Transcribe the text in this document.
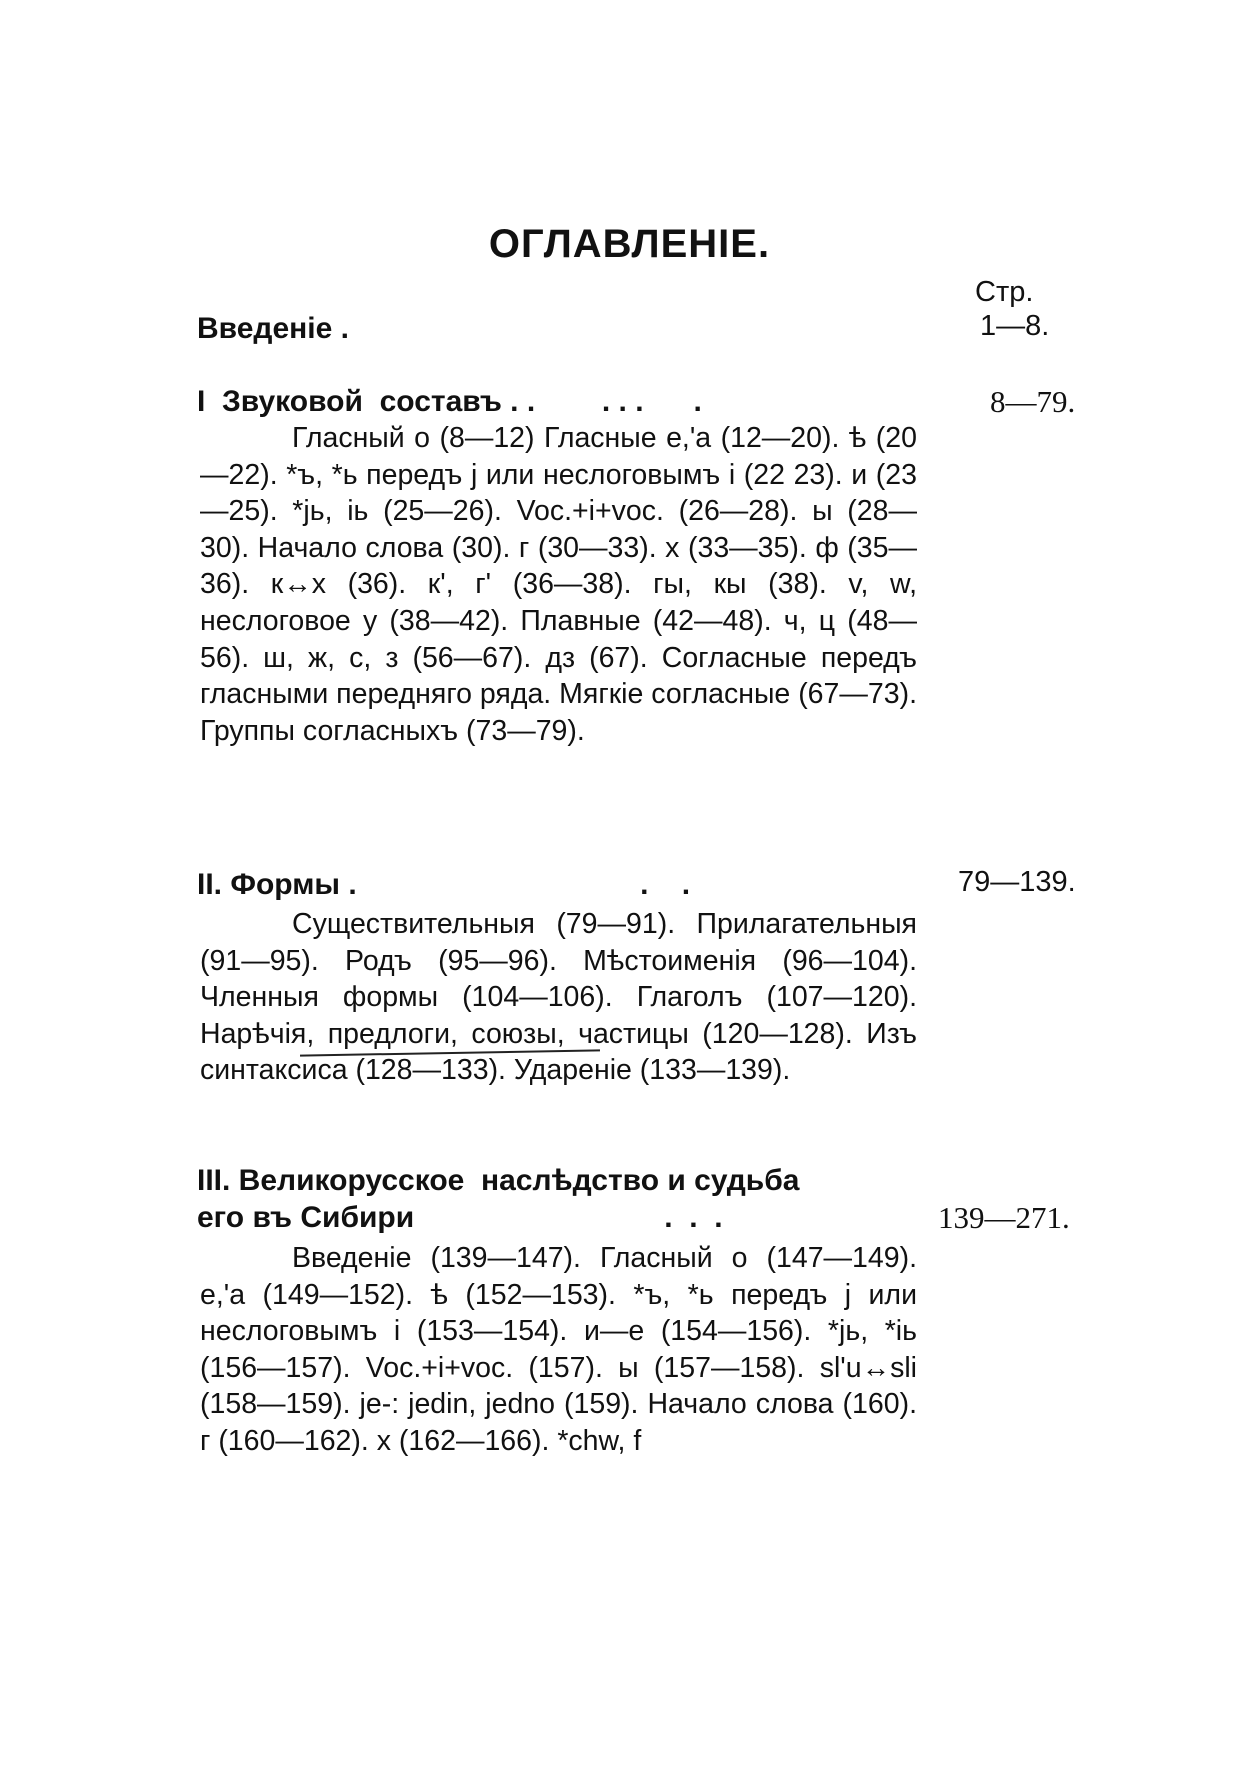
ОГЛАВЛЕНІЕ.
Стр.
Введеніе .	1—8.
I  Звуковой  составъ . .        . . .      .	8—79.
Гласный о (8—12) Гласные е,'а (12—20). ѣ (20—22). *ъ, *ь передъ j или неслоговымъ і (22 23). и (23—25). *jь, іь (25—26). Voc.+i+voc. (26—28). ы (28—30). Начало слова (30). г (30—33). х (33—35). ф (35—36). к↔х (36). к', г' (36—38). гы, кы (38). v, w, неслоговое у (38—42). Плавные (42—48). ч, ц (48—56). ш, ж, с, з (56—67). дз (67). Согласные передъ гласными передняго ряда. Мягкіе согласные (67—73). Группы согласныхъ (73—79).
II. Формы .                                  .    .	79—139.
Существительныя (79—91). Прилагательныя (91—95). Родъ (95—96). Мѣстоименія (96—104). Членныя формы (104—106). Глаголъ (107—120). Нарѣчія, предлоги, союзы, частицы (120—128). Изъ синтаксиса (128—133). Удареніе (133—139).
III. Великорусское  наслѣдство и судьба
его въ Сибири                              .  .  .	139—271.
Введеніе (139—147). Гласный о (147—149). е,'а (149—152). ѣ (152—153). *ъ, *ь передъ j или неслоговымъ і (153—154). и—е (154—156). *jь, *іь (156—157). Voc.+i+voc. (157). ы (157—158). sl'u↔sli (158—159). je-: jedin, jedno (159). Начало слова (160). г (160—162). х (162—166). *chw, f
